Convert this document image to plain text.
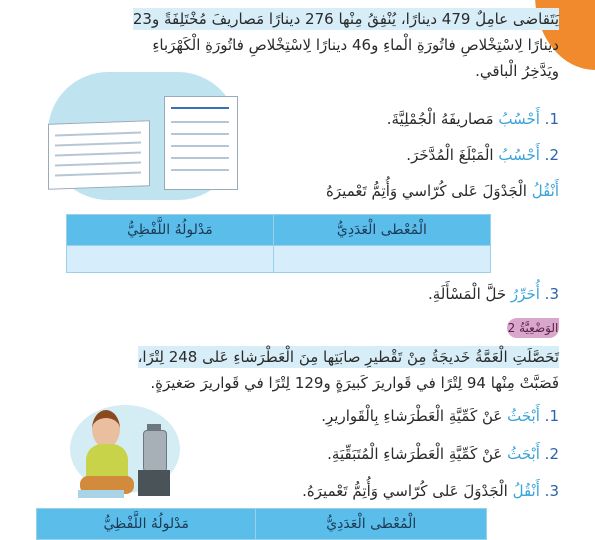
يَتَقاضى عامِلٌ 479 دينارًا، يُنْفِقُ مِنْها 276 دينارًا مَصاريفَ مُخْتَلِفَةً و23
دينارًا لِاسْتِخْلاصِ فاتُورَةِ الْماءِ و46 دينارًا لِاسْتِخْلاصِ فاتُورَةِ الْكَهْرَباءِ
ويَدَّخِرُ الْباقي.
1. أَحْسُبُ مَصاريفَهُ الْجُمْلِيَّةَ.
2. أَحْسُبُ الْمَبْلَغَ الْمُدَّخَرَ.
أَنْقُلُ الْجَدْوَلَ عَلى كُرّاسي وَأُتِمُّ تَعْميرَهُ
الْمُعْطى الْعَدَدِيُّ	مَدْلولُهُ اللَّفْظِيُّ

3. أُحَرِّرُ حَلَّ الْمَسْأَلَةِ.
الوَضْعِيَّةُ 2
تَحَصَّلَتِ الْعَمَّةُ خَديجَةُ مِنْ تَقْطيرِ صابَتِها مِنَ الْعَطْرَشاءِ عَلى 248 لِتْرًا،
فَصَبَّتْ مِنْها 94 لِتْرًا في قَواريرَ كَبيرَةٍ و129 لِتْرًا في قَواريرَ صَغيرَةٍ.
1. أَبْحَثُ عَنْ كَمِّيَّةِ الْعَطْرَشاءِ بِالْقَواريرِ.
2. أَبْحَثُ عَنْ كَمِّيَّةِ الْعَطْرَشاءِ الْمُتَبَقِّيَةِ.
3. أَنْقُلُ الْجَدْوَلَ عَلى كُرّاسي وَأُتِمُّ تَعْميرَهُ.
الْمُعْطى الْعَدَدِيُّ	مَدْلولُهُ اللَّفْظِيُّ
